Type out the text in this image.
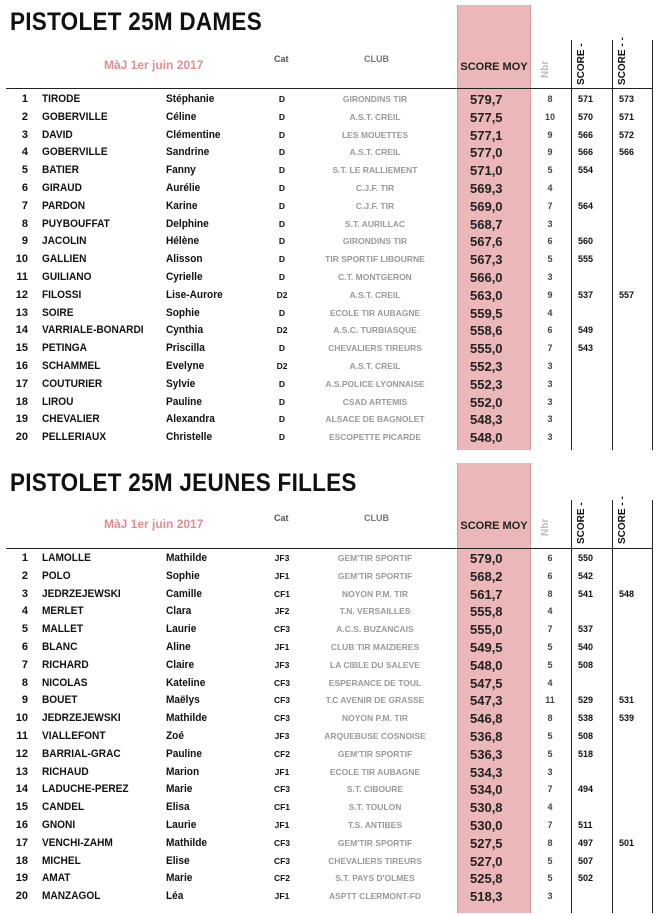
PISTOLET 25M DAMES
MàJ 1er juin 2017	Cat	CLUB
SCORE MOY Nbr	SCORE -	SCORE - -
1 TIRODE	Stéphanie	D	GIRONDINS TIR	579,7	8	571	573
2 GOBERVILLE	Céline	D	A.S.T. CREIL	577,5	10	570	571
3 DAVID	Clémentine	D	LES MOUETTES	577,1	9	566	572
4 GOBERVILLE	Sandrine	D	A.S.T. CREIL	577,0	9	566	566
5 BATIER	Fanny	D	S.T. LE RALLIEMENT	571,0	5	554
6 GIRAUD	Aurélie	D	C.J.F. TIR	569,3	4
7 PARDON	Karine	D	C.J.F. TIR	569,0	7	564
8 PUYBOUFFAT	Delphine	D	S.T. AURILLAC	568,7	3
9 JACOLIN	Hélène	D	GIRONDINS TIR	567,6	6	560
10 GALLIEN	Alisson	D	TIR SPORTIF LIBOURNE	567,3	5	555
11 GUILIANO	Cyrielle	D	C.T. MONTGERON	566,0	3
12 FILOSSI	Lise-Aurore	D2	A.S.T. CREIL	563,0	9	537	557
13 SOIRE	Sophie	D	ECOLE TIR AUBAGNE	559,5	4
14 VARRIALE-BONARDI Cynthia	D2	A.S.C. TURBIASQUE	558,6	6	549
15 PETINGA	Priscilla	D	CHEVALIERS TIREURS	555,0	7	543
16 SCHAMMEL	Evelyne	D2	A.S.T. CREIL	552,3	3
17 COUTURIER	Sylvie	D	A.S.POLICE LYONNAISE	552,3	3
18 LIROU	Pauline	D	CSAD ARTEMIS	552,0	3
19 CHEVALIER	Alexandra	D	ALSACE DE BAGNOLET	548,3	3
20 PELLERIAUX	Christelle	D	ESCOPETTE PICARDE	548,0	3
PISTOLET 25M JEUNES FILLES
MàJ 1er juin 2017	Cat	CLUB
SCORE MOY Nbr	SCORE -	SCORE - -
1 LAMOLLE	Mathilde	JF3	GEM'TIR SPORTIF	579,0	6	550
2 POLO	Sophie	JF1	GEM'TIR SPORTIF	568,2	6	542
3 JEDRZEJEWSKI	Camille	CF1	NOYON P.M. TIR	561,7	8	541	548
4 MERLET	Clara	JF2	T.N. VERSAILLES	555,8	4
5 MALLET	Laurie	CF3	A.C.S. BUZANCAIS	555,0	7	537
6 BLANC	Aline	JF1	CLUB TIR MAIZIERES	549,5	5	540
7 RICHARD	Claire	JF3	LA CIBLE DU SALEVE	548,0	5	508
8 NICOLAS	Kateline	CF3	ESPERANCE DE TOUL	547,5	4
9 BOUET	Maëlys	CF3	T.C AVENIR DE GRASSE	547,3	11	529	531
10 JEDRZEJEWSKI	Mathilde	CF3	NOYON P.M. TIR	546,8	8	538	539
11 VIALLEFONT	Zoé	JF3	ARQUEBUSE COSNOISE	536,8	5	508
12 BARRIAL-GRAC	Pauline	CF2	GEM'TIR SPORTIF	536,3	5	518
13 RICHAUD	Marion	JF1	ECOLE TIR AUBAGNE	534,3	3
14 LADUCHE-PEREZ	Marie	CF3	S.T. CIBOURE	534,0	7	494
15 CANDEL	Elisa	CF1	S.T. TOULON	530,8	4
16 GNONI	Laurie	JF1	T.S. ANTIBES	530,0	7	511
17 VENCHI-ZAHM	Mathilde	CF3	GEM'TIR SPORTIF	527,5	8	497	501
18 MICHEL	Elise	CF3	CHEVALIERS TIREURS	527,0	5	507
19 AMAT	Marie	CF2	S.T. PAYS D'OLMES	525,8	5	502
20 MANZAGOL	Léa	JF1	ASPTT CLERMONT-FD	518,3	3
